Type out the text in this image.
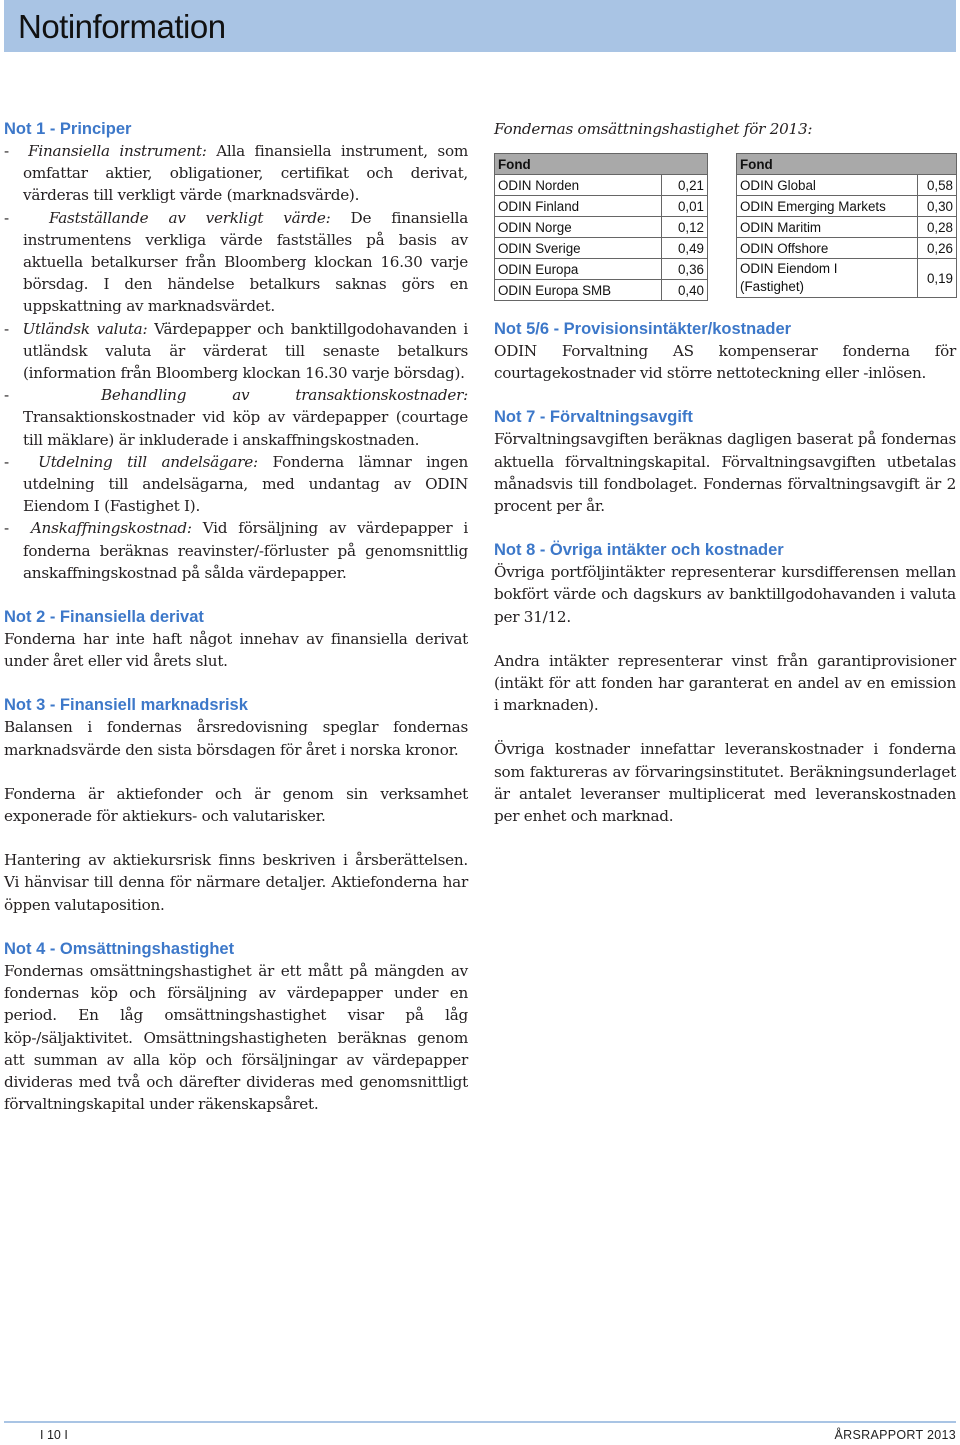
Notinformation
Not 1 - Principer
-  Finansiella instrument: Alla finansiella instrument, som omfattar aktier, obligationer, certifikat och derivat, värderas till verkligt värde (marknadsvärde).
-  Fastställande av verkligt värde: De finansiella instrumentens verkliga värde fastställes på basis av aktuella betalkurser från Bloomberg klockan 16.30 varje börsdag. I den händelse betalkurs saknas görs en uppskattning av marknadsvärdet.
-  Utländsk valuta: Värdepapper och banktillgodohavanden i utländsk valuta är värderat till senaste betalkurs (information från Bloomberg klockan 16.30 varje börsdag).
-  Behandling av transaktionskostnader: Transaktionskostnader vid köp av värdepapper (courtage till mäklare) är inkluderade i anskaffningskostnaden.
-  Utdelning till andelsägare: Fonderna lämnar ingen utdelning till andelsägarna, med undantag av ODIN Eiendom I (Fastighet I).
-  Anskaffningskostnad: Vid försäljning av värdepapper i fonderna beräknas reavinster/-förluster på genomsnittlig anskaffningskostnad på sålda värdepapper.
Not 2 - Finansiella derivat

Fonderna har inte haft något innehav av finansiella derivat under året eller vid årets slut.

Not 3 - Finansiell marknadsrisk

Balansen i fondernas årsredovisning speglar fondernas marknadsvärde den sista börsdagen för året i norska kronor.

Fonderna är aktiefonder och är genom sin verksamhet exponerade för aktiekurs- och valutarisker.

Hantering av aktiekursrisk finns beskriven i årsberättelsen. Vi hänvisar till denna för närmare detaljer. Aktiefonderna har öppen valutaposition.

Not 4 - Omsättningshastighet

Fondernas omsättningshastighet är ett mått på mängden av fondernas köp och försäljning av värdepapper under en period. En låg omsättningshastighet visar på låg köp-/säljaktivitet. Omsättningshastigheten beräknas genom att summan av alla köp och försäljningar av värdepapper divideras med två och därefter divideras med genomsnittligt förvaltningskapital under räkenskapsåret.

Fondernas omsättningshastighet för 2013:

Fond	
ODIN Norden	0,21
ODIN Finland	0,01
ODIN Norge	0,12
ODIN Sverige	0,49
ODIN Europa	0,36
ODIN Europa SMB	0,40
Fond	
ODIN Global	0,58
ODIN Emerging Markets	0,30
ODIN Maritim	0,28
ODIN Offshore	0,26
ODIN Eiendom I
(Fastighet)	0,19
Not 5/6 - Provisionsintäkter/kostnader

ODIN Forvaltning AS kompenserar fonderna för courtagekostnader vid större nettoteckning eller -inlösen.

Not 7 - Förvaltningsavgift

Förvaltningsavgiften beräknas dagligen baserat på fondernas aktuella förvaltningskapital. Förvaltningsavgiften utbetalas månadsvis till fondbolaget. Fondernas förvaltningsavgift är 2 procent per år.

Not 8 - Övriga intäkter och kostnader

Övriga portföljintäkter representerar kursdifferensen mellan bokfört värde och dagskurs av banktillgodohavanden i valuta per 31/12.

Andra intäkter representerar vinst från garantiprovisioner (intäkt för att fonden har garanterat en andel av en emission i marknaden).

Övriga kostnader innefattar leveranskostnader i fonderna som faktureras av förvaringsinstitutet. Beräkningsunderlaget är antalet leveranser multiplicerat med leveranskostnaden per enhet och marknad.

I 10 I	ÅRSRAPPORT 2013
